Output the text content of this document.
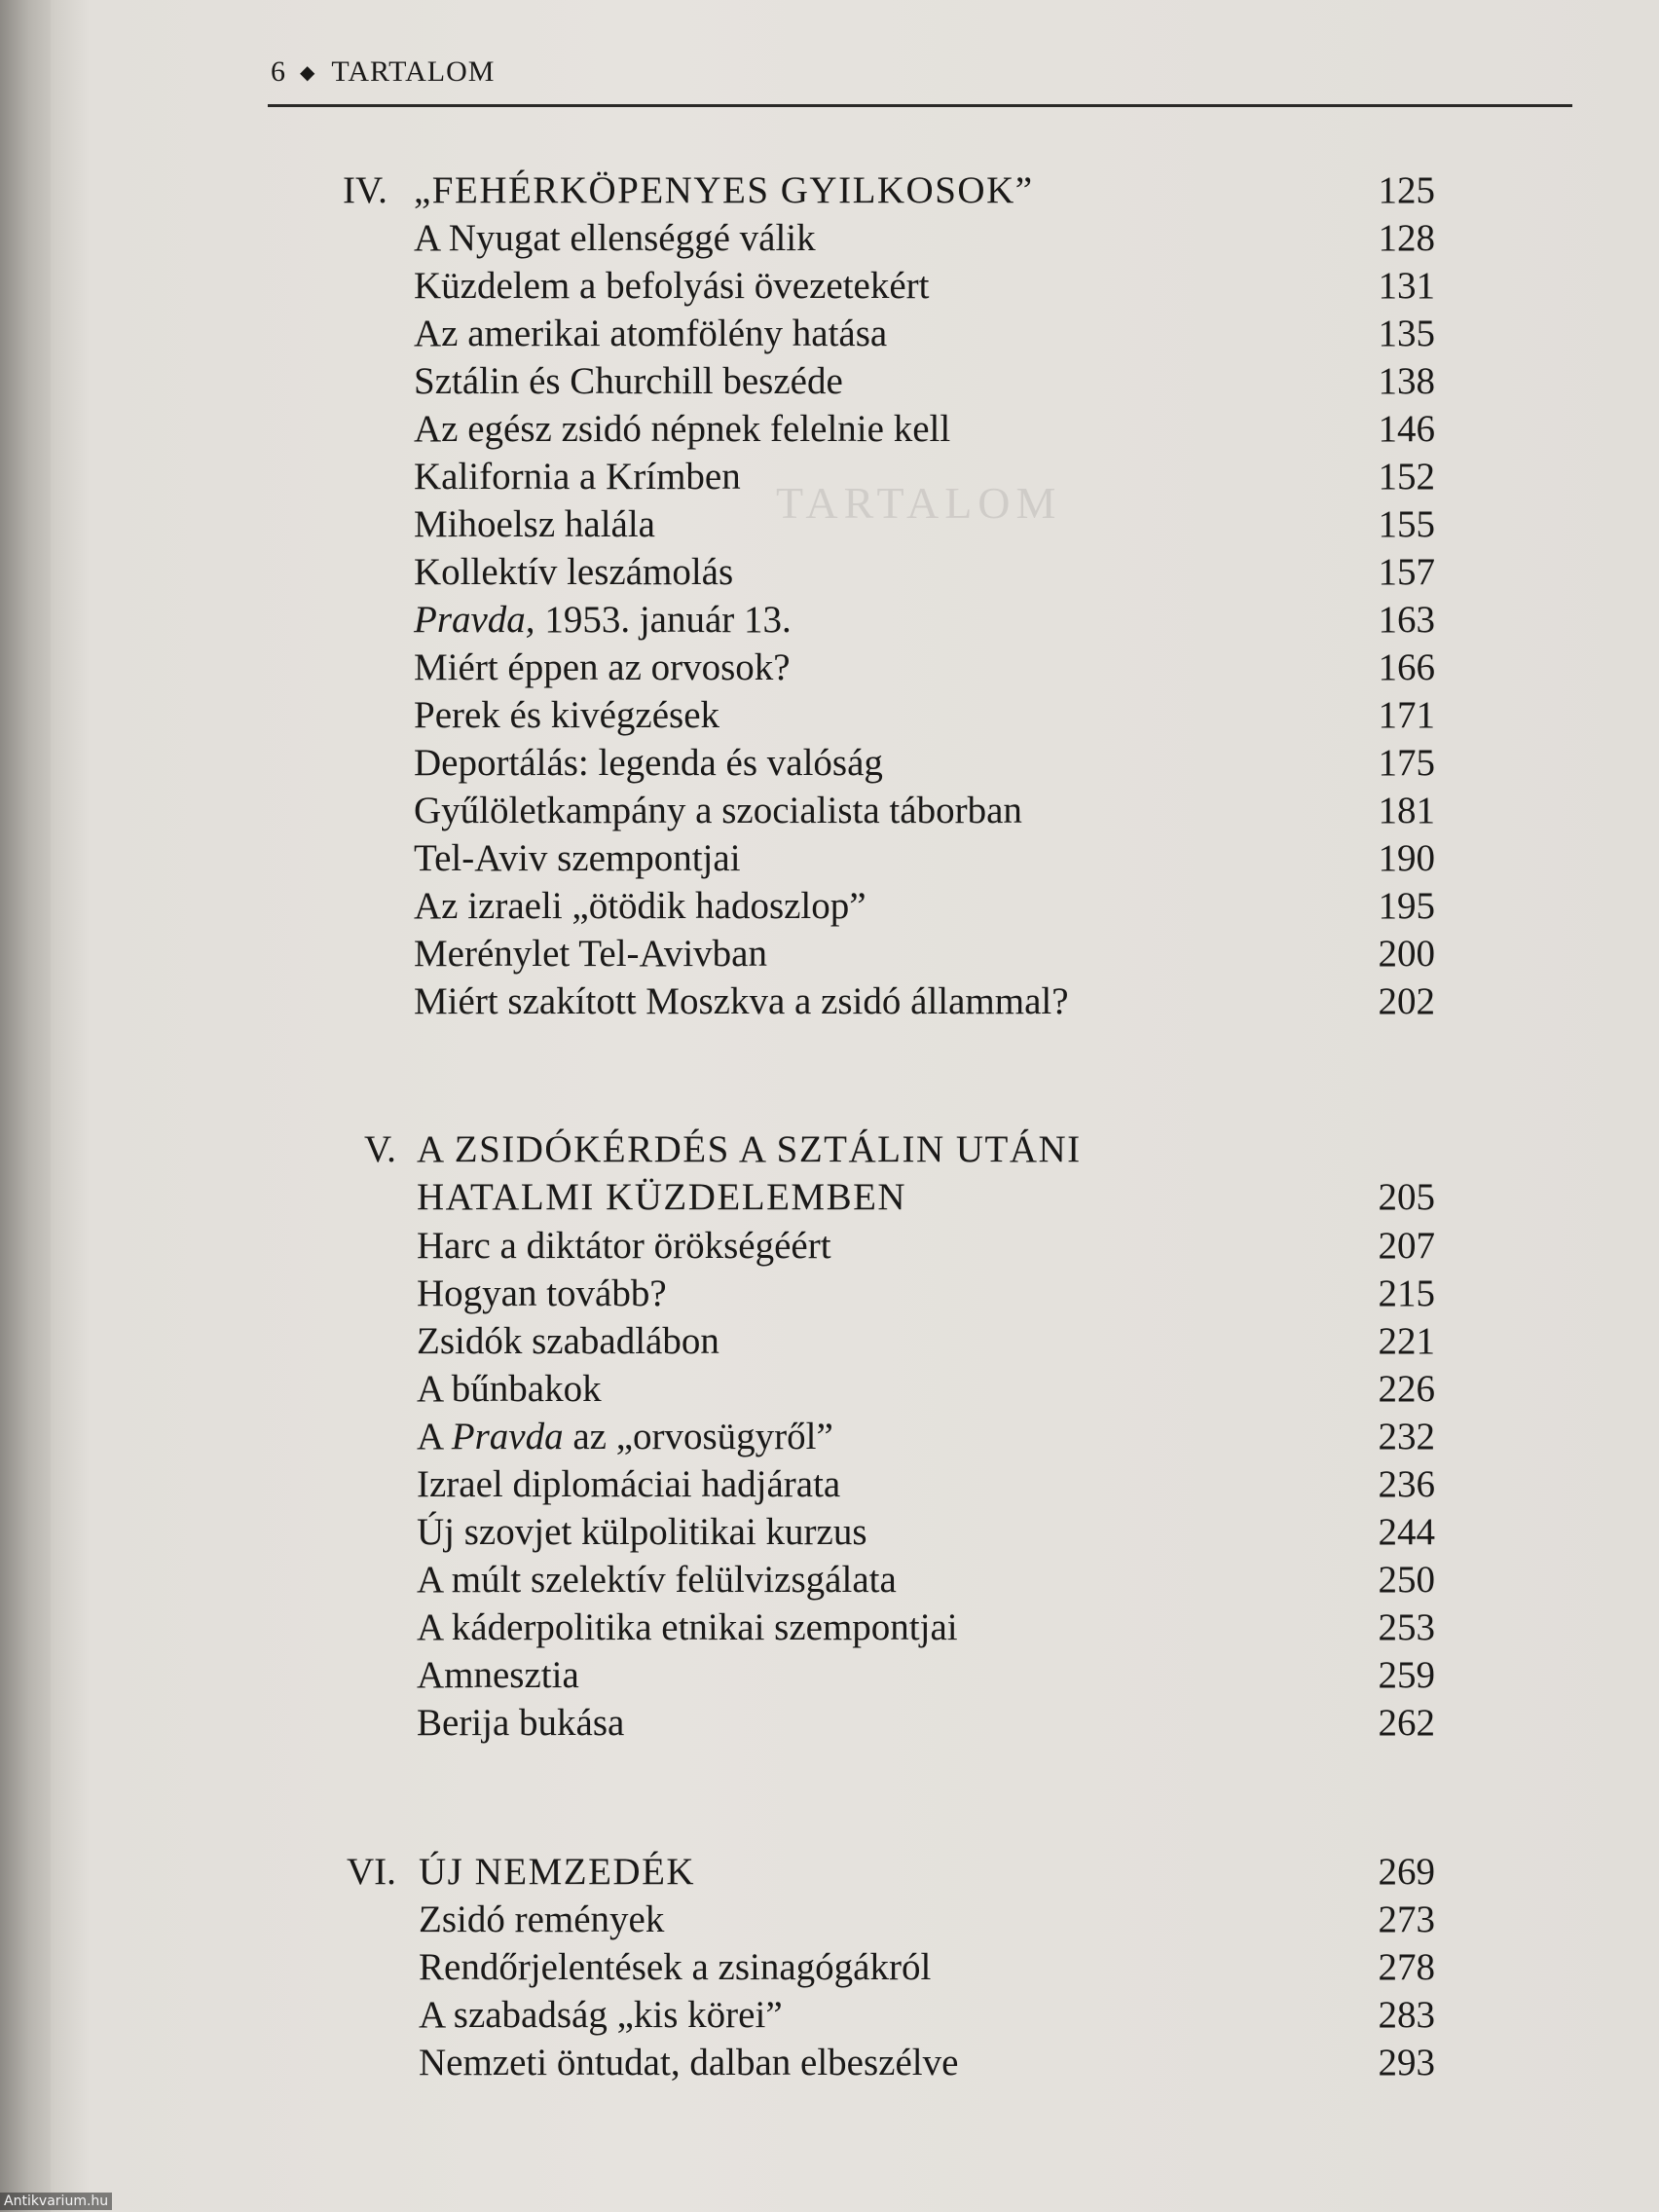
TARTALOM
6 ◆ TARTALOM
IV. „FEHÉRKÖPENYES GYILKOSOK”	125
A Nyugat ellenséggé válik	128
Küzdelem a befolyási övezetekért	131
Az amerikai atomfölény hatása	135
Sztálin és Churchill beszéde	138
Az egész zsidó népnek felelnie kell	146
Kalifornia a Krímben	152
Mihoelsz halála	155
Kollektív leszámolás	157
Pravda, 1953. január 13.	163
Miért éppen az orvosok?	166
Perek és kivégzések	171
Deportálás: legenda és valóság	175
Gyűlöletkampány a szocialista táborban	181
Tel-Aviv szempontjai	190
Az izraeli „ötödik hadoszlop”	195
Merénylet Tel-Avivban	200
Miért szakított Moszkva a zsidó állammal?	202
V. A ZSIDÓKÉRDÉS A SZTÁLIN UTÁNI
HATALMI KÜZDELEMBEN	205
Harc a diktátor örökségéért	207
Hogyan tovább?	215
Zsidók szabadlábon	221
A bűnbakok	226
A Pravda az „orvosügyről”	232
Izrael diplomáciai hadjárata	236
Új szovjet külpolitikai kurzus	244
A múlt szelektív felülvizsgálata	250
A káderpolitika etnikai szempontjai	253
Amnesztia	259
Berija bukása	262
VI. ÚJ NEMZEDÉK	269
Zsidó remények	273
Rendőrjelentések a zsinagógákról	278
A szabadság „kis körei”	283
Nemzeti öntudat, dalban elbeszélve	293
Antikvarium.hu
